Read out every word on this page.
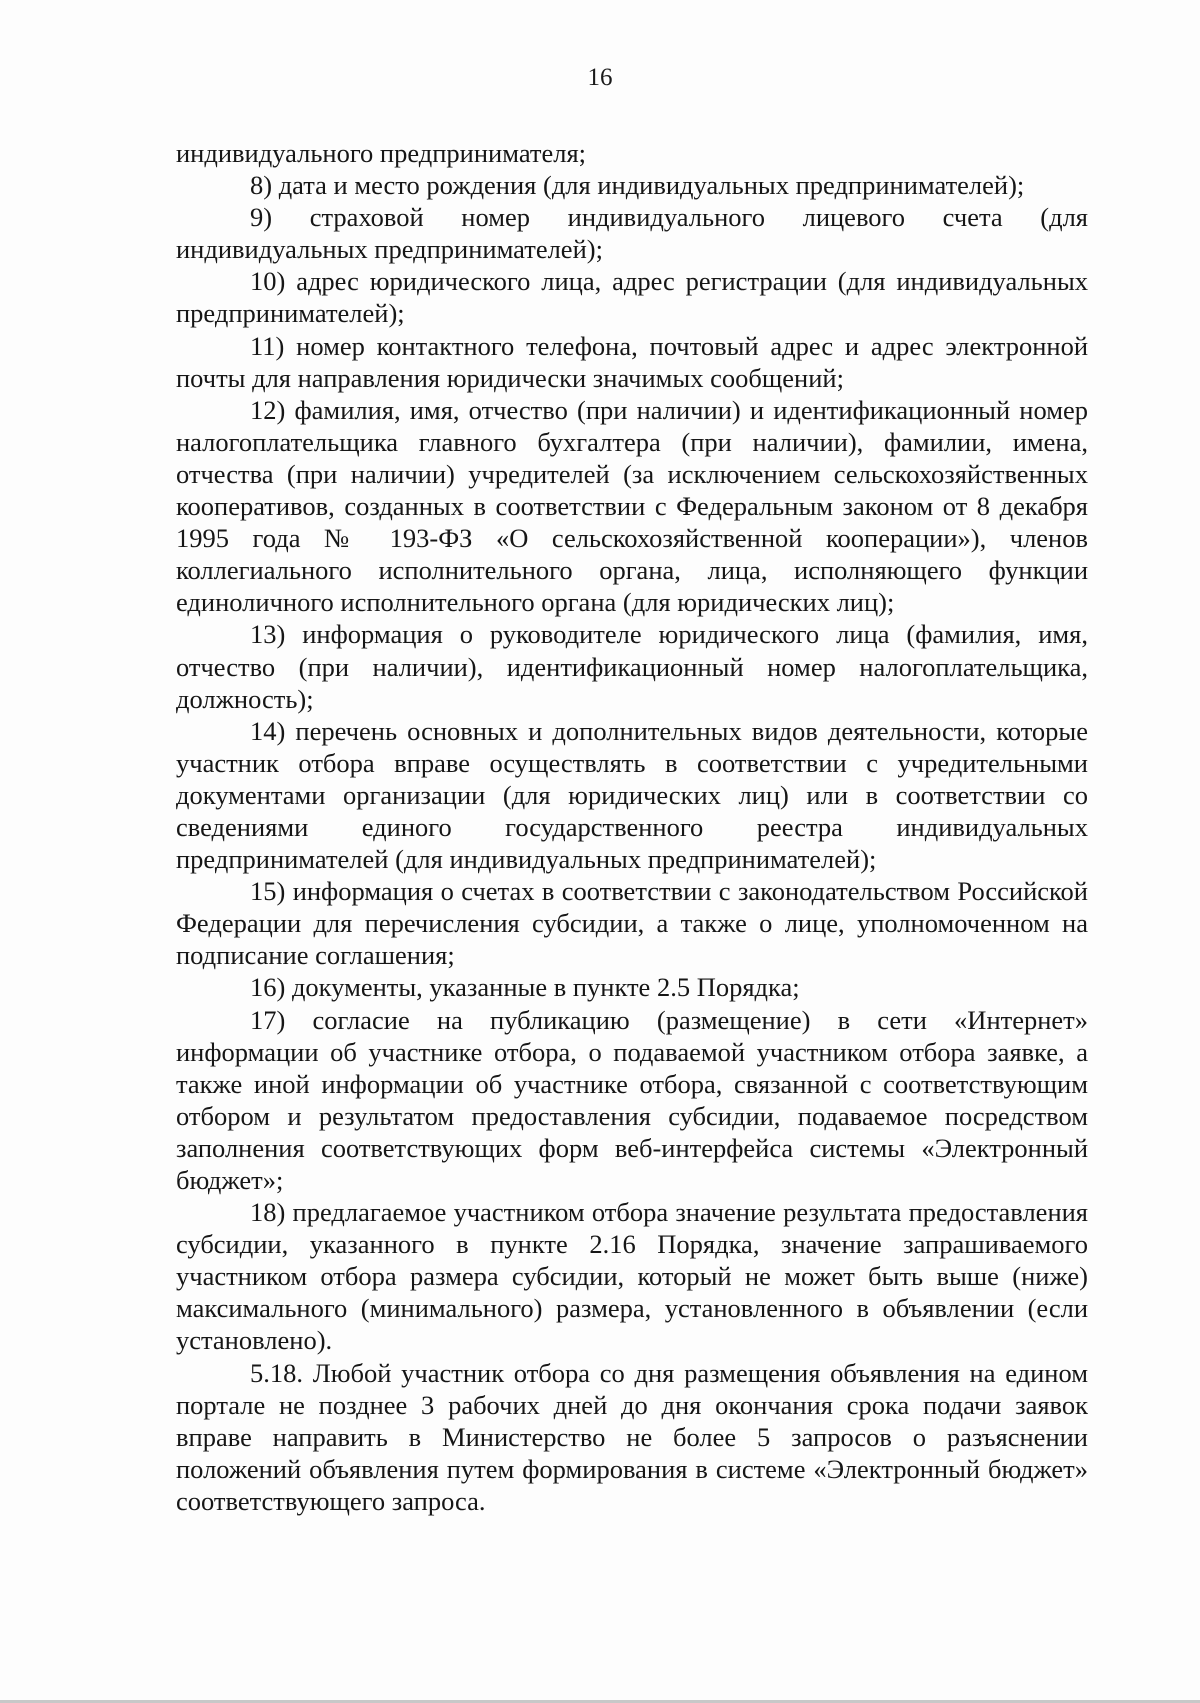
16

индивидуального предпринимателя;

8) дата и место рождения (для индивидуальных предпринимателей);

9) страховой номер индивидуального лицевого счета (для индивидуальных предпринимателей);

10) адрес юридического лица, адрес регистрации (для индивидуальных предпринимателей);

11) номер контактного телефона, почтовый адрес и адрес электронной почты для направления юридически значимых сообщений;

12) фамилия, имя, отчество (при наличии) и идентификационный номер налогоплательщика главного бухгалтера (при наличии), фамилии, имена, отчества (при наличии) учредителей (за исключением сельскохозяйственных кооперативов, созданных в соответствии с Федеральным законом от 8 декабря 1995 года № 193-ФЗ «О сельскохозяйственной кооперации»), членов коллегиального исполнительного органа, лица, исполняющего функции единоличного исполнительного органа (для юридических лиц);

13) информация о руководителе юридического лица (фамилия, имя, отчество (при наличии), идентификационный номер налогоплательщика, должность);

14) перечень основных и дополнительных видов деятельности, которые участник отбора вправе осуществлять в соответствии с учредительными документами организации (для юридических лиц) или в соответствии со сведениями единого государственного реестра индивидуальных предпринимателей (для индивидуальных предпринимателей);

15) информация о счетах в соответствии с законодательством Российской Федерации для перечисления субсидии, а также о лице, уполномоченном на подписание соглашения;

16) документы, указанные в пункте 2.5 Порядка;

17) согласие на публикацию (размещение) в сети «Интернет» информации об участнике отбора, о подаваемой участником отбора заявке, а также иной информации об участнике отбора, связанной с соответствующим отбором и результатом предоставления субсидии, подаваемое посредством заполнения соответствующих форм веб-интерфейса системы «Электронный бюджет»;

18) предлагаемое участником отбора значение результата предоставления субсидии, указанного в пункте 2.16 Порядка, значение запрашиваемого участником отбора размера субсидии, который не может быть выше (ниже) максимального (минимального) размера, установленного в объявлении (если установлено).

5.18. Любой участник отбора со дня размещения объявления на едином портале не позднее 3 рабочих дней до дня окончания срока подачи заявок вправе направить в Министерство не более 5 запросов о разъяснении положений объявления путем формирования в системе «Электронный бюджет» соответствующего запроса.
